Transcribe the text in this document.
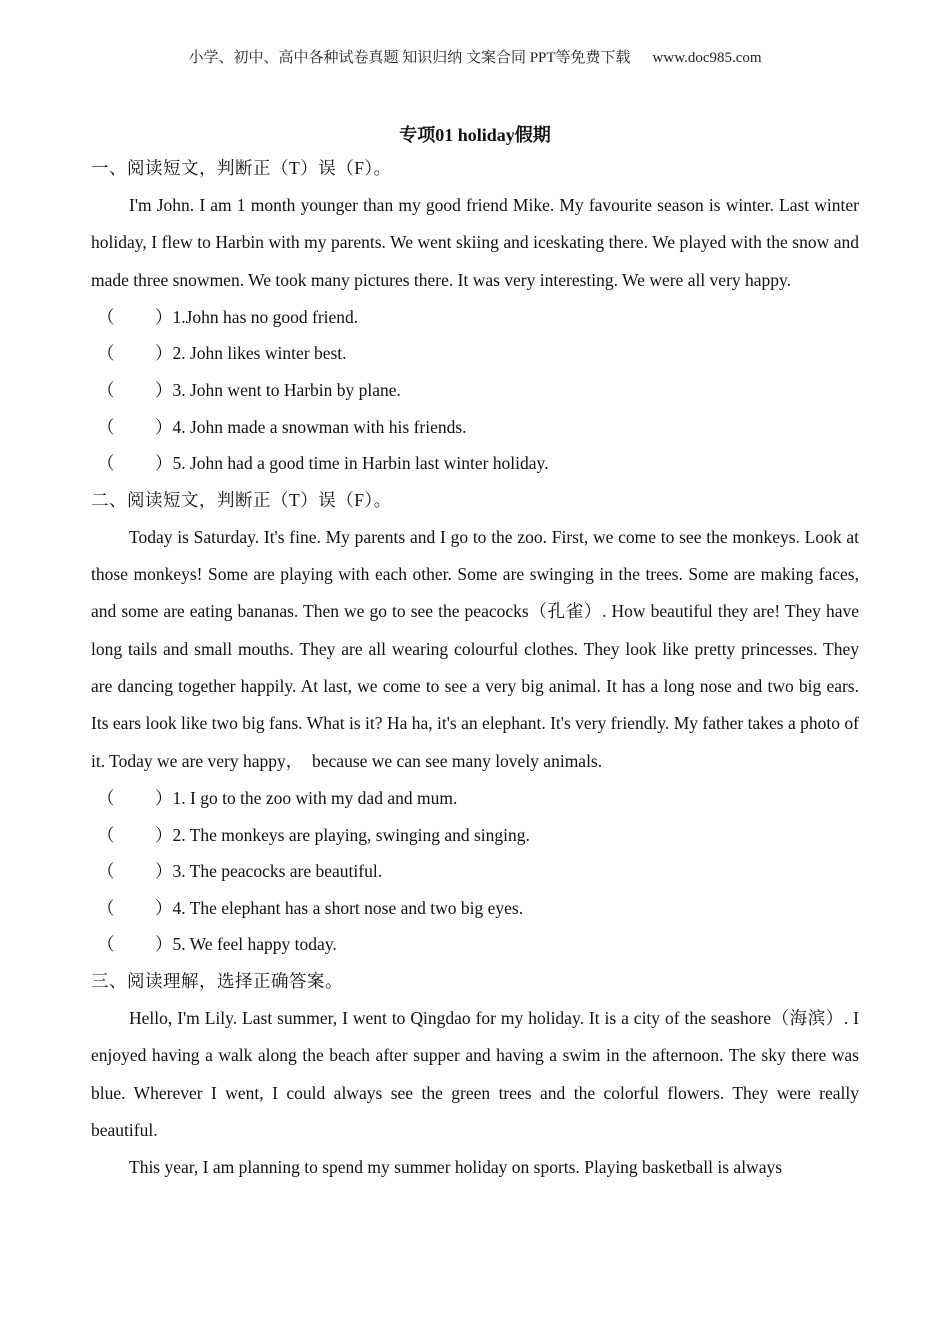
小学、初中、高中各种试卷真题 知识归纳 文案合同 PPT等免费下载 www.doc985.com
专项01 holiday假期

一、阅读短文，判断正（T）误（F）。

I'm John. I am 1 month younger than my good friend Mike. My favourite season is winter. Last winter holiday, I flew to Harbin with my parents. We went skiing and iceskating there. We played with the snow and made three snowmen. We took many pictures there. It was very interesting. We were all very happy.

（ ）1.John has no good friend.

（ ）2. John likes winter best.

（ ）3. John went to Harbin by plane.

（ ）4. John made a snowman with his friends.

（ ）5. John had a good time in Harbin last winter holiday.

二、阅读短文，判断正（T）误（F）。

Today is Saturday. It's fine. My parents and I go to the zoo. First, we come to see the monkeys. Look at those monkeys! Some are playing with each other. Some are swinging in the trees. Some are making faces, and some are eating bananas. Then we go to see the peacocks（孔雀）. How beautiful they are! They have long tails and small mouths. They are all wearing colourful clothes. They look like pretty princesses. They are dancing together happily. At last, we come to see a very big animal. It has a long nose and two big ears. Its ears look like two big fans. What is it? Ha ha, it's an elephant. It's very friendly. My father takes a photo of it. Today we are very happy，　because we can see many lovely animals.

（ ）1. I go to the zoo with my dad and mum.

（ ）2. The monkeys are playing, swinging and singing.

（ ）3. The peacocks are beautiful.

（ ）4. The elephant has a short nose and two big eyes.

（ ）5. We feel happy today.

三、阅读理解，选择正确答案。

Hello, I'm Lily. Last summer, I went to Qingdao for my holiday. It is a city of the seashore（海滨）. I enjoyed having a walk along the beach after supper and having a swim in the afternoon. The sky there was blue. Wherever I went, I could always see the green trees and the colorful flowers. They were really beautiful.

This year, I am planning to spend my summer holiday on sports. Playing basketball is always
